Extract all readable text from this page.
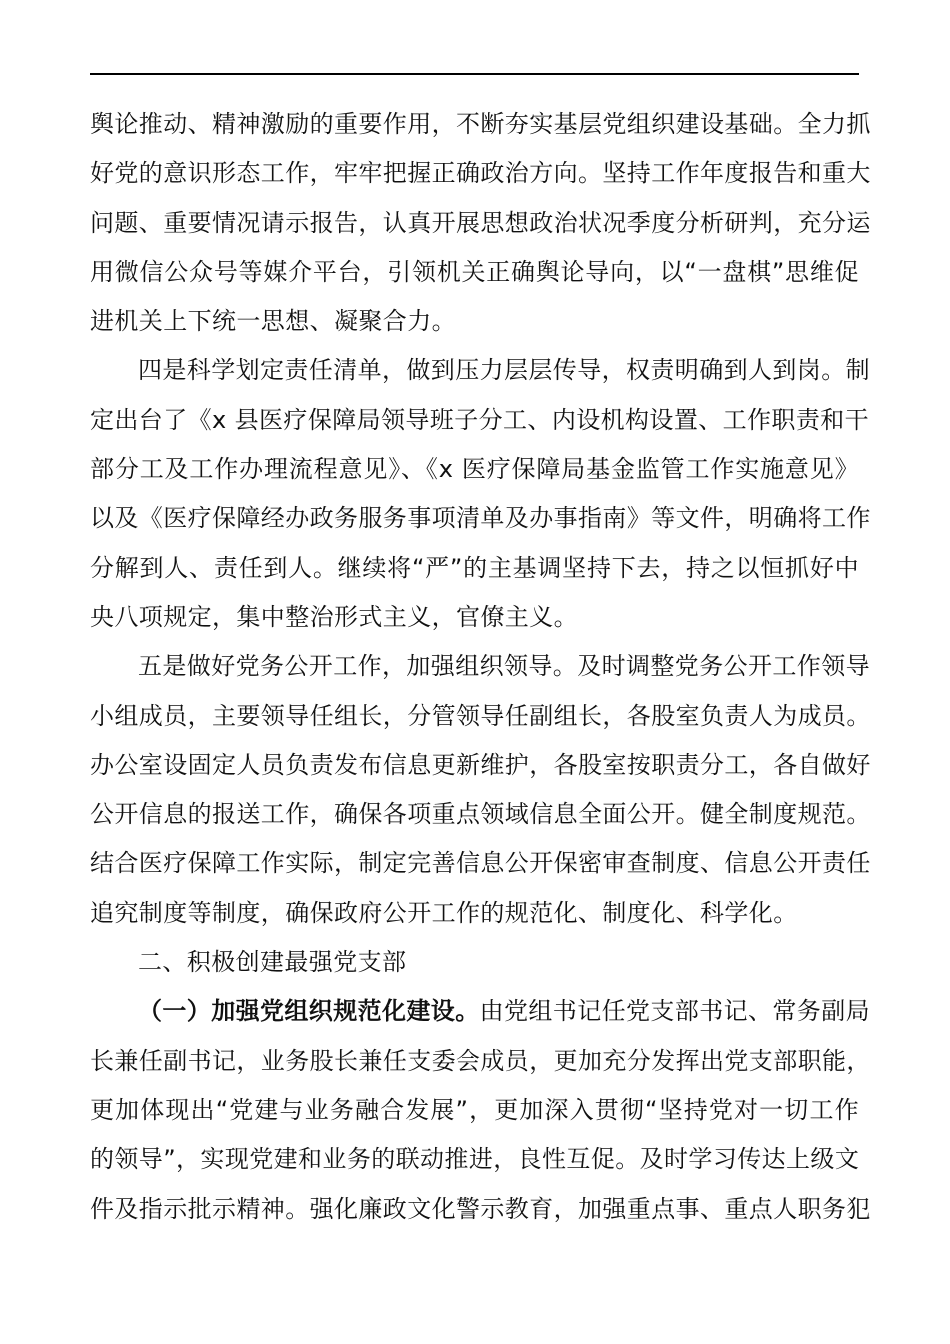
舆论推动、精神激励的重要作用，不断夯实基层党组织建设基础。全力抓
好党的意识形态工作，牢牢把握正确政治方向。坚持工作年度报告和重大
问题、重要情况请示报告，认真开展思想政治状况季度分析研判，充分运
用微信公众号等媒介平台，引领机关正确舆论导向，以“一盘棋”思维促
进机关上下统一思想、凝聚合力。
四是科学划定责任清单，做到压力层层传导，权责明确到人到岗。制
定出台了《x 县医疗保障局领导班子分工、内设机构设置、工作职责和干
部分工及工作办理流程意见》、《x 医疗保障局基金监管工作实施意见》
以及《医疗保障经办政务服务事项清单及办事指南》等文件，明确将工作
分解到人、责任到人。继续将“严”的主基调坚持下去，持之以恒抓好中
央八项规定，集中整治形式主义，官僚主义。
五是做好党务公开工作，加强组织领导。及时调整党务公开工作领导
小组成员，主要领导任组长，分管领导任副组长，各股室负责人为成员。
办公室设固定人员负责发布信息更新维护，各股室按职责分工，各自做好
公开信息的报送工作，确保各项重点领域信息全面公开。健全制度规范。
结合医疗保障工作实际，制定完善信息公开保密审查制度、信息公开责任
追究制度等制度，确保政府公开工作的规范化、制度化、科学化。
二、积极创建最强党支部
（一）加强党组织规范化建设。由党组书记任党支部书记、常务副局
长兼任副书记，业务股长兼任支委会成员，更加充分发挥出党支部职能，
更加体现出“党建与业务融合发展”，更加深入贯彻“坚持党对一切工作
的领导”，实现党建和业务的联动推进，良性互促。及时学习传达上级文
件及指示批示精神。强化廉政文化警示教育，加强重点事、重点人职务犯
